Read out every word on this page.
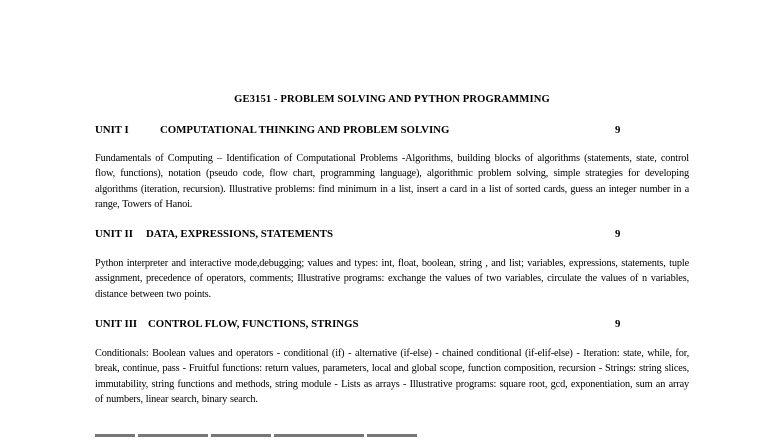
GE3151 - PROBLEM SOLVING AND PYTHON PROGRAMMING
UNIT I	COMPUTATIONAL THINKING AND PROBLEM SOLVING	9
Fundamentals of Computing – Identification of Computational Problems -Algorithms, building blocks of algorithms (statements, state, control flow, functions), notation (pseudo code, flow chart, programming language), algorithmic problem solving, simple strategies for developing algorithms (iteration, recursion). Illustrative problems: find minimum in a list, insert a card in a list of sorted cards, guess an integer number in a range, Towers of Hanoi.
UNIT II DATA, EXPRESSIONS, STATEMENTS	9
Python interpreter and interactive mode,debugging; values and types: int, float, boolean, string , and list; variables, expressions, statements, tuple assignment, precedence of operators, comments; Illustrative programs: exchange the values of two variables, circulate the values of n variables, distance between two points.
UNIT III CONTROL FLOW, FUNCTIONS, STRINGS	9
Conditionals: Boolean values and operators - conditional (if) - alternative (if-else) - chained conditional (if-elif-else) - Iteration: state, while, for, break, continue, pass - Fruitful functions: return values, parameters, local and global scope, function composition, recursion - Strings: string slices, immutability, string functions and methods, string module - Lists as arrays - Illustrative programs: square root, gcd, exponentiation, sum an array of numbers, linear search, binary search.
